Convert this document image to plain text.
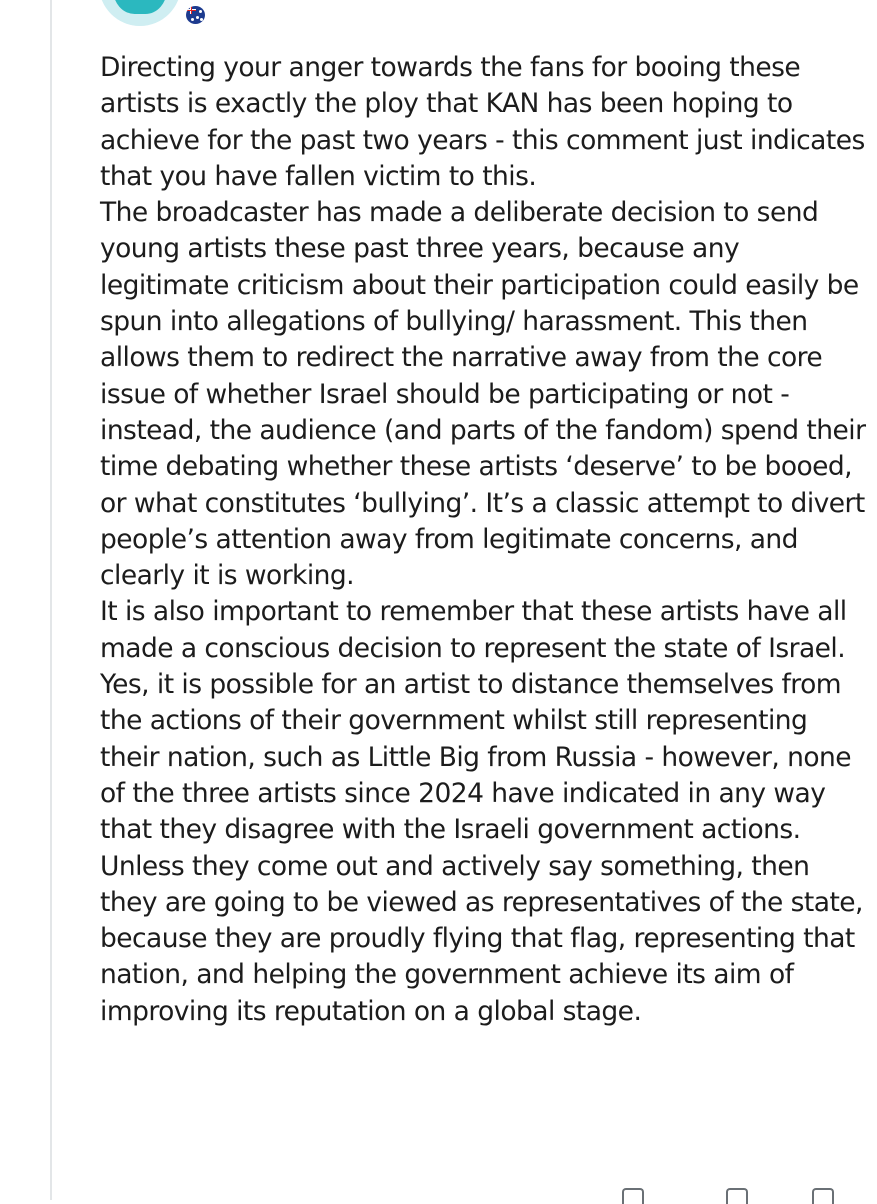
Directing your anger towards the fans for booing these artists is exactly the ploy that KAN has been hoping to achieve for the past two years - this comment just indicates that you have fallen victim to this.

The broadcaster has made a deliberate decision to send young artists these past three years, because any legitimate criticism about their participation could easily be spun into allegations of bullying/ harassment. This then allows them to redirect the narrative away from the core issue of whether Israel should be participating or not - instead, the audience (and parts of the fandom) spend their time debating whether these artists ‘deserve’ to be booed, or what constitutes ‘bullying’. It’s a classic attempt to divert people’s attention away from legitimate concerns, and clearly it is working.

It is also important to remember that these artists have all made a conscious decision to represent the state of Israel. Yes, it is possible for an artist to distance themselves from the actions of their government whilst still representing their nation, such as Little Big from Russia - however, none of the three artists since 2024 have indicated in any way that they disagree with the Israeli government actions. Unless they come out and actively say something, then they are going to be viewed as representatives of the state, because they are proudly flying that flag, representing that nation, and helping the government achieve its aim of improving its reputation on a global stage.
